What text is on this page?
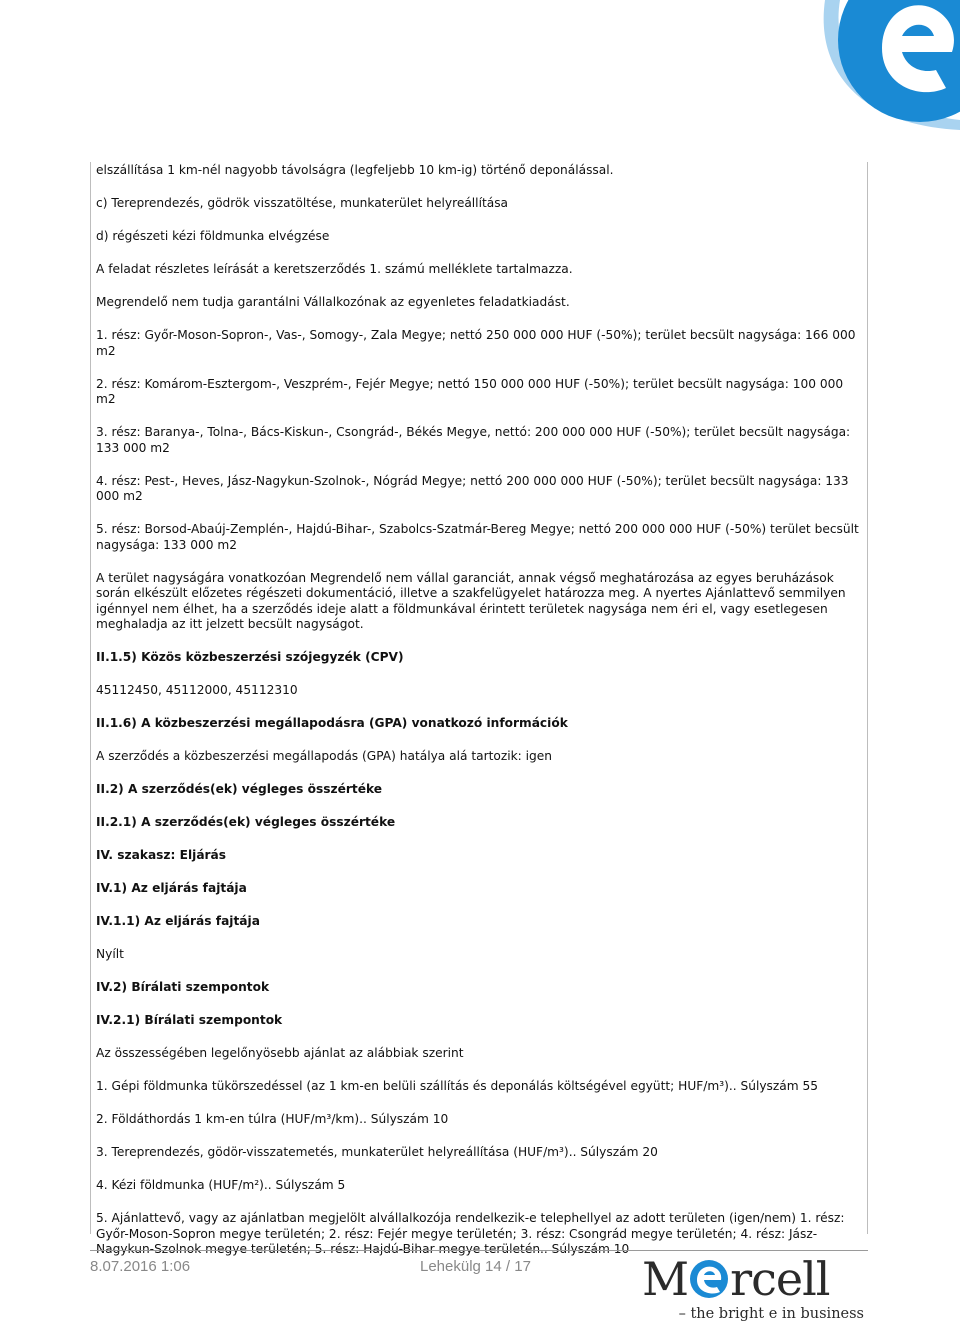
elszállítása 1 km-nél nagyobb távolságra (legfeljebb 10 km-ig) történő deponálással.

c) Tereprendezés, gödrök visszatöltése, munkaterület helyreállítása

d) régészeti kézi földmunka elvégzése

A feladat részletes leírását a keretszerződés 1. számú melléklete tartalmazza.

Megrendelő nem tudja garantálni Vállalkozónak az egyenletes feladatkiadást.

1. rész: Győr-Moson-Sopron-, Vas-, Somogy-, Zala Megye; nettó 250 000 000 HUF (-50%); terület becsült nagysága: 166 000 m2

2. rész: Komárom-Esztergom-, Veszprém-, Fejér Megye; nettó 150 000 000 HUF (-50%); terület becsült nagysága: 100 000 m2

3. rész: Baranya-, Tolna-, Bács-Kiskun-, Csongrád-, Békés Megye, nettó: 200 000 000 HUF (-50%); terület becsült nagysága: 133 000 m2

4. rész: Pest-, Heves, Jász-Nagykun-Szolnok-, Nógrád Megye; nettó 200 000 000 HUF (-50%); terület becsült nagysága: 133 000 m2

5. rész: Borsod-Abaúj-Zemplén-, Hajdú-Bihar-, Szabolcs-Szatmár-Bereg Megye; nettó 200 000 000 HUF (-50%) terület becsült nagysága: 133 000 m2

A terület nagyságára vonatkozóan Megrendelő nem vállal garanciát, annak végső meghatározása az egyes beruházások során elkészült előzetes régészeti dokumentáció, illetve a szakfelügyelet határozza meg. A nyertes Ajánlattevő semmilyen igénnyel nem élhet, ha a szerződés ideje alatt a földmunkával érintett területek nagysága nem éri el, vagy esetlegesen meghaladja az itt jelzett becsült nagyságot.

II.1.5) Közös közbeszerzési szójegyzék (CPV)

45112450, 45112000, 45112310

II.1.6) A közbeszerzési megállapodásra (GPA) vonatkozó információk

A szerződés a közbeszerzési megállapodás (GPA) hatálya alá tartozik: igen

II.2) A szerződés(ek) végleges összértéke

II.2.1) A szerződés(ek) végleges összértéke

IV. szakasz: Eljárás

IV.1) Az eljárás fajtája

IV.1.1) Az eljárás fajtája

Nyílt

IV.2) Bírálati szempontok

IV.2.1) Bírálati szempontok

Az összességében legelőnyösebb ajánlat az alábbiak szerint

1. Gépi földmunka tükörszedéssel (az 1 km-en belüli szállítás és deponálás költségével együtt; HUF/m³).. Súlyszám 55

2. Földáthordás 1 km-en túlra (HUF/m³/km).. Súlyszám 10

3. Tereprendezés, gödör-visszatemetés, munkaterület helyreállítása (HUF/m³).. Súlyszám 20

4. Kézi földmunka (HUF/m²).. Súlyszám 5

5. Ajánlattevő, vagy az ajánlatban megjelölt alvállalkozója rendelkezik-e telephellyel az adott területen (igen/nem) 1. rész: Győr-Moson-Sopron megye területén; 2. rész: Fejér megye területén; 3. rész: Csongrád megye területén; 4. rész: Jász-Nagykun-Szolnok megye területén; 5. rész: Hajdú-Bihar megye területén.. Súlyszám 10

8.07.2016 1:06	Lehekülg 14 / 17 M rcell
– the bright e in business
